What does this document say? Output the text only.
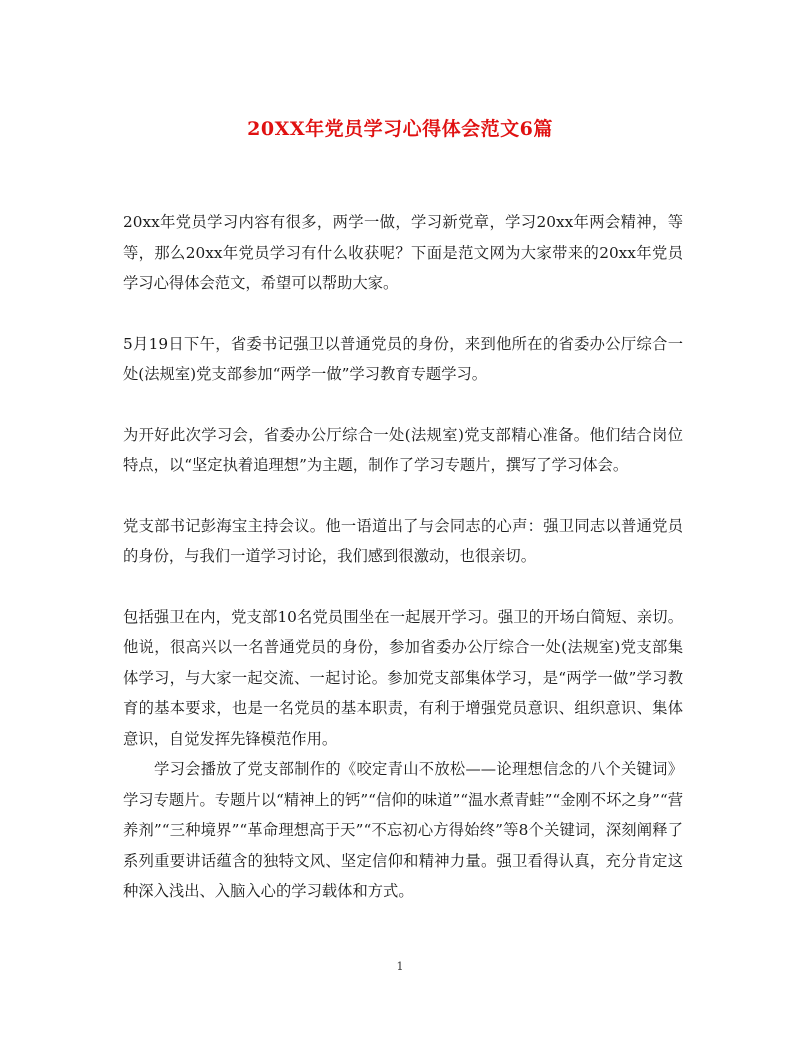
20XX年党员学习心得体会范文6篇

20xx年党员学习内容有很多，两学一做，学习新党章，学习20xx年两会精神，等等，那么20xx年党员学习有什么收获呢？下面是范文网为大家带来的20xx年党员学习心得体会范文，希望可以帮助大家。

5月19日下午，省委书记强卫以普通党员的身份，来到他所在的省委办公厅综合一处(法规室)党支部参加“两学一做”学习教育专题学习。

为开好此次学习会，省委办公厅综合一处(法规室)党支部精心准备。他们结合岗位特点，以“坚定执着追理想”为主题，制作了学习专题片，撰写了学习体会。

党支部书记彭海宝主持会议。他一语道出了与会同志的心声：强卫同志以普通党员的身份，与我们一道学习讨论，我们感到很激动，也很亲切。

包括强卫在内，党支部10名党员围坐在一起展开学习。强卫的开场白简短、亲切。他说，很高兴以一名普通党员的身份，参加省委办公厅综合一处(法规室)党支部集体学习，与大家一起交流、一起讨论。参加党支部集体学习，是“两学一做”学习教育的基本要求，也是一名党员的基本职责，有利于增强党员意识、组织意识、集体意识，自觉发挥先锋模范作用。

学习会播放了党支部制作的《咬定青山不放松——论理想信念的八个关键词》学习专题片。专题片以“精神上的钙”“信仰的味道”“温水煮青蛙”“金刚不坏之身”“营养剂”“三种境界”“革命理想高于天”“不忘初心方得始终”等8个关键词，深刻阐释了系列重要讲话蕴含的独特文风、坚定信仰和精神力量。强卫看得认真，充分肯定这种深入浅出、入脑入心的学习载体和方式。

1
